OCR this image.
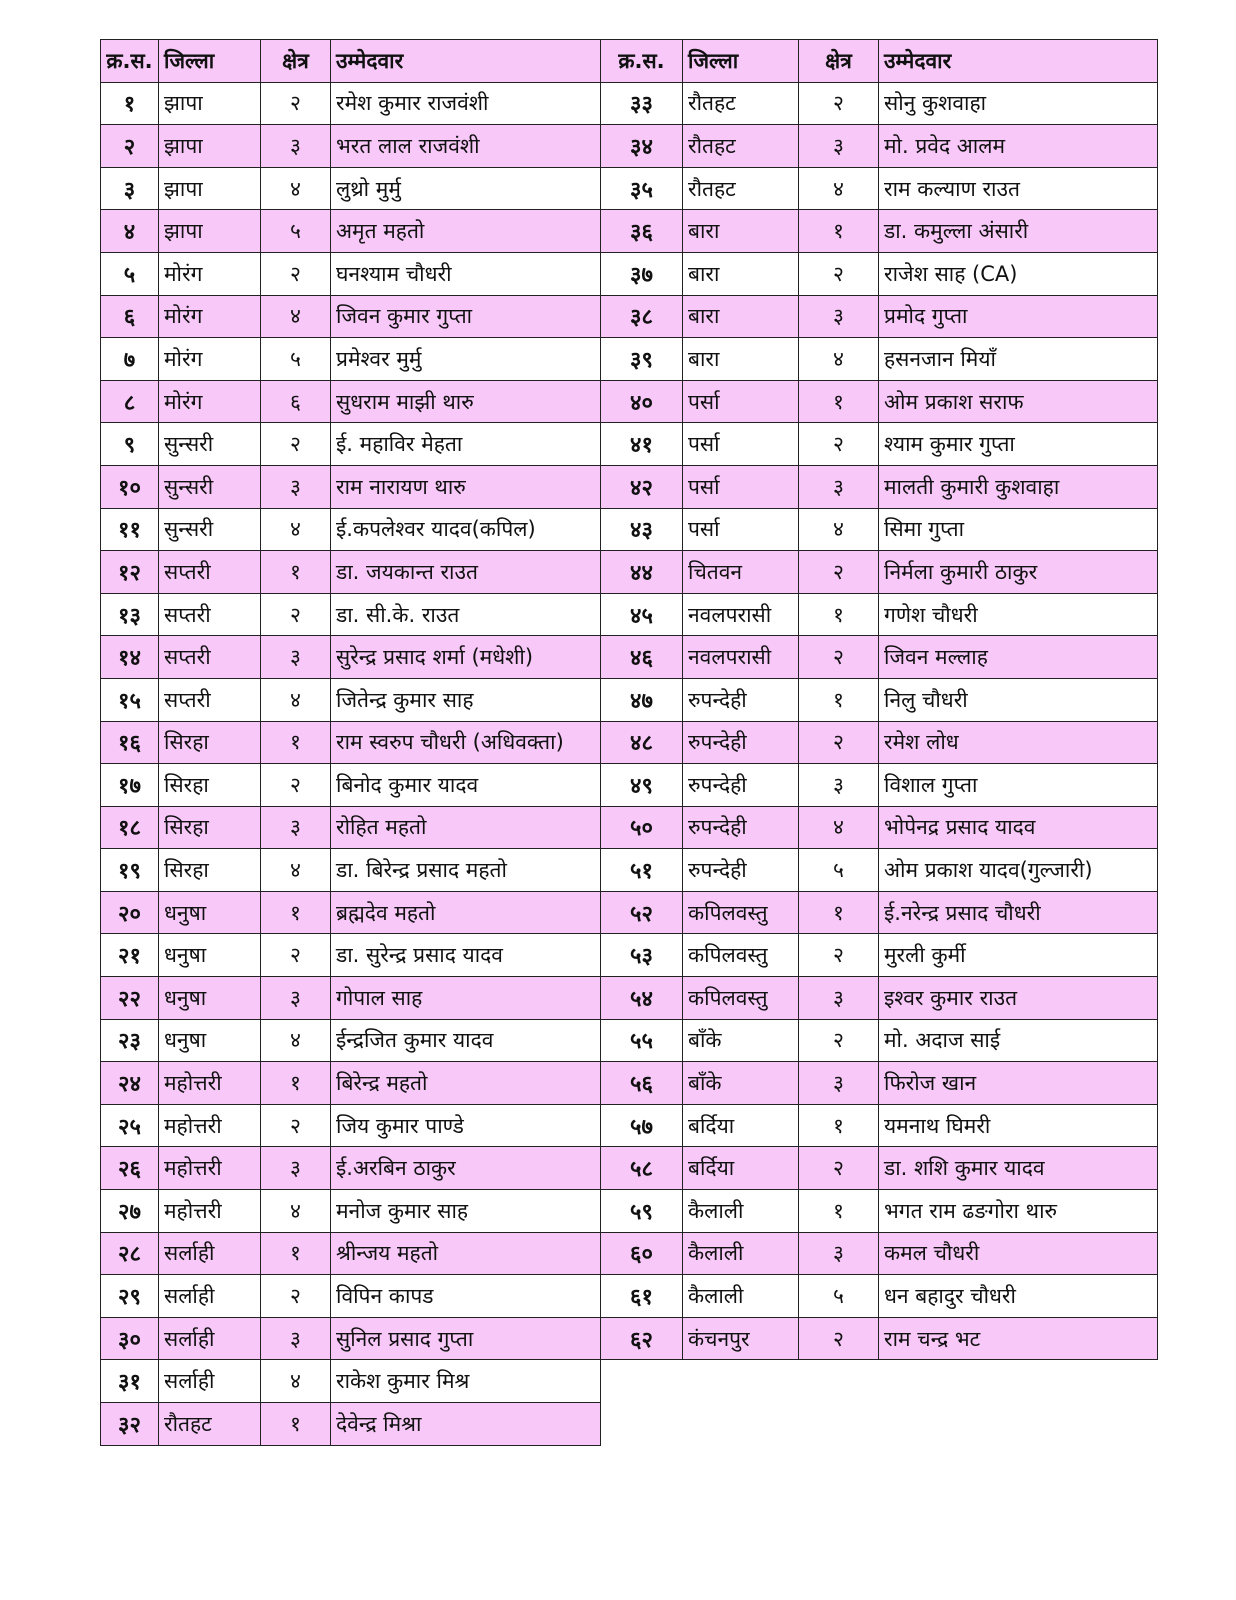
क्र.स.	जिल्ला	क्षेत्र	उम्मेदवार
१	झापा	२	रमेश कुमार राजवंशी
२	झापा	३	भरत लाल राजवंशी
३	झापा	४	लुथ्रो मुर्मु
४	झापा	५	अमृत महतो
५	मोरंग	२	घनश्याम चौधरी
६	मोरंग	४	जिवन कुमार गुप्ता
७	मोरंग	५	प्रमेश्वर मुर्मु
८	मोरंग	६	सुधराम माझी थारु
९	सुन्सरी	२	ई. महाविर मेहता
१०	सुन्सरी	३	राम नारायण थारु
११	सुन्सरी	४	ई.कपलेश्वर यादव(कपिल)
१२	सप्तरी	१	डा. जयकान्त राउत
१३	सप्तरी	२	डा. सी.के. राउत
१४	सप्तरी	३	सुरेन्द्र प्रसाद शर्मा (मधेशी)
१५	सप्तरी	४	जितेन्द्र कुमार साह
१६	सिरहा	१	राम स्वरुप चौधरी (अधिवक्ता)
१७	सिरहा	२	बिनोद कुमार यादव
१८	सिरहा	३	रोहित महतो
१९	सिरहा	४	डा. बिरेन्द्र प्रसाद महतो
२०	धनुषा	१	ब्रह्मदेव महतो
२१	धनुषा	२	डा. सुरेन्द्र प्रसाद यादव
२२	धनुषा	३	गोपाल साह
२३	धनुषा	४	ईन्द्रजित कुमार यादव
२४	महोत्तरी	१	बिरेन्द्र महतो
२५	महोत्तरी	२	जिय कुमार पाण्डे
२६	महोत्तरी	३	ई.अरबिन ठाकुर
२७	महोत्तरी	४	मनोज कुमार साह
२८	सर्लाही	१	श्रीन्जय महतो
२९	सर्लाही	२	विपिन कापड
३०	सर्लाही	३	सुनिल प्रसाद गुप्ता
३१	सर्लाही	४	राकेश कुमार मिश्र
३२	रौतहट	१	देवेन्द्र मिश्रा
क्र.स.	जिल्ला	क्षेत्र	उम्मेदवार
३३	रौतहट	२	सोनु कुशवाहा
३४	रौतहट	३	मो. प्रवेद आलम
३५	रौतहट	४	राम कल्याण राउत
३६	बारा	१	डा. कमुल्ला अंसारी
३७	बारा	२	राजेश साह (CA)
३८	बारा	३	प्रमोद गुप्ता
३९	बारा	४	हसनजान मियाँ
४०	पर्सा	१	ओम प्रकाश सराफ
४१	पर्सा	२	श्याम कुमार गुप्ता
४२	पर्सा	३	मालती कुमारी कुशवाहा
४३	पर्सा	४	सिमा गुप्ता
४४	चितवन	२	निर्मला कुमारी ठाकुर
४५	नवलपरासी	१	गणेश चौधरी
४६	नवलपरासी	२	जिवन मल्लाह
४७	रुपन्देही	१	निलु चौधरी
४८	रुपन्देही	२	रमेश लोध
४९	रुपन्देही	३	विशाल गुप्ता
५०	रुपन्देही	४	भोपेनद्र प्रसाद यादव
५१	रुपन्देही	५	ओम प्रकाश यादव(गुल्जारी)
५२	कपिलवस्तु	१	ई.नरेन्द्र प्रसाद चौधरी
५३	कपिलवस्तु	२	मुरली कुर्मी
५४	कपिलवस्तु	३	इश्वर कुमार राउत
५५	बाँके	२	मो. अदाज साई
५६	बाँके	३	फिरोज खान
५७	बर्दिया	१	यमनाथ घिमरी
५८	बर्दिया	२	डा. शशि कुमार यादव
५९	कैलाली	१	भगत राम ढङगोरा थारु
६०	कैलाली	३	कमल चौधरी
६१	कैलाली	५	धन बहादुर चौधरी
६२	कंचनपुर	२	राम चन्द्र भट
